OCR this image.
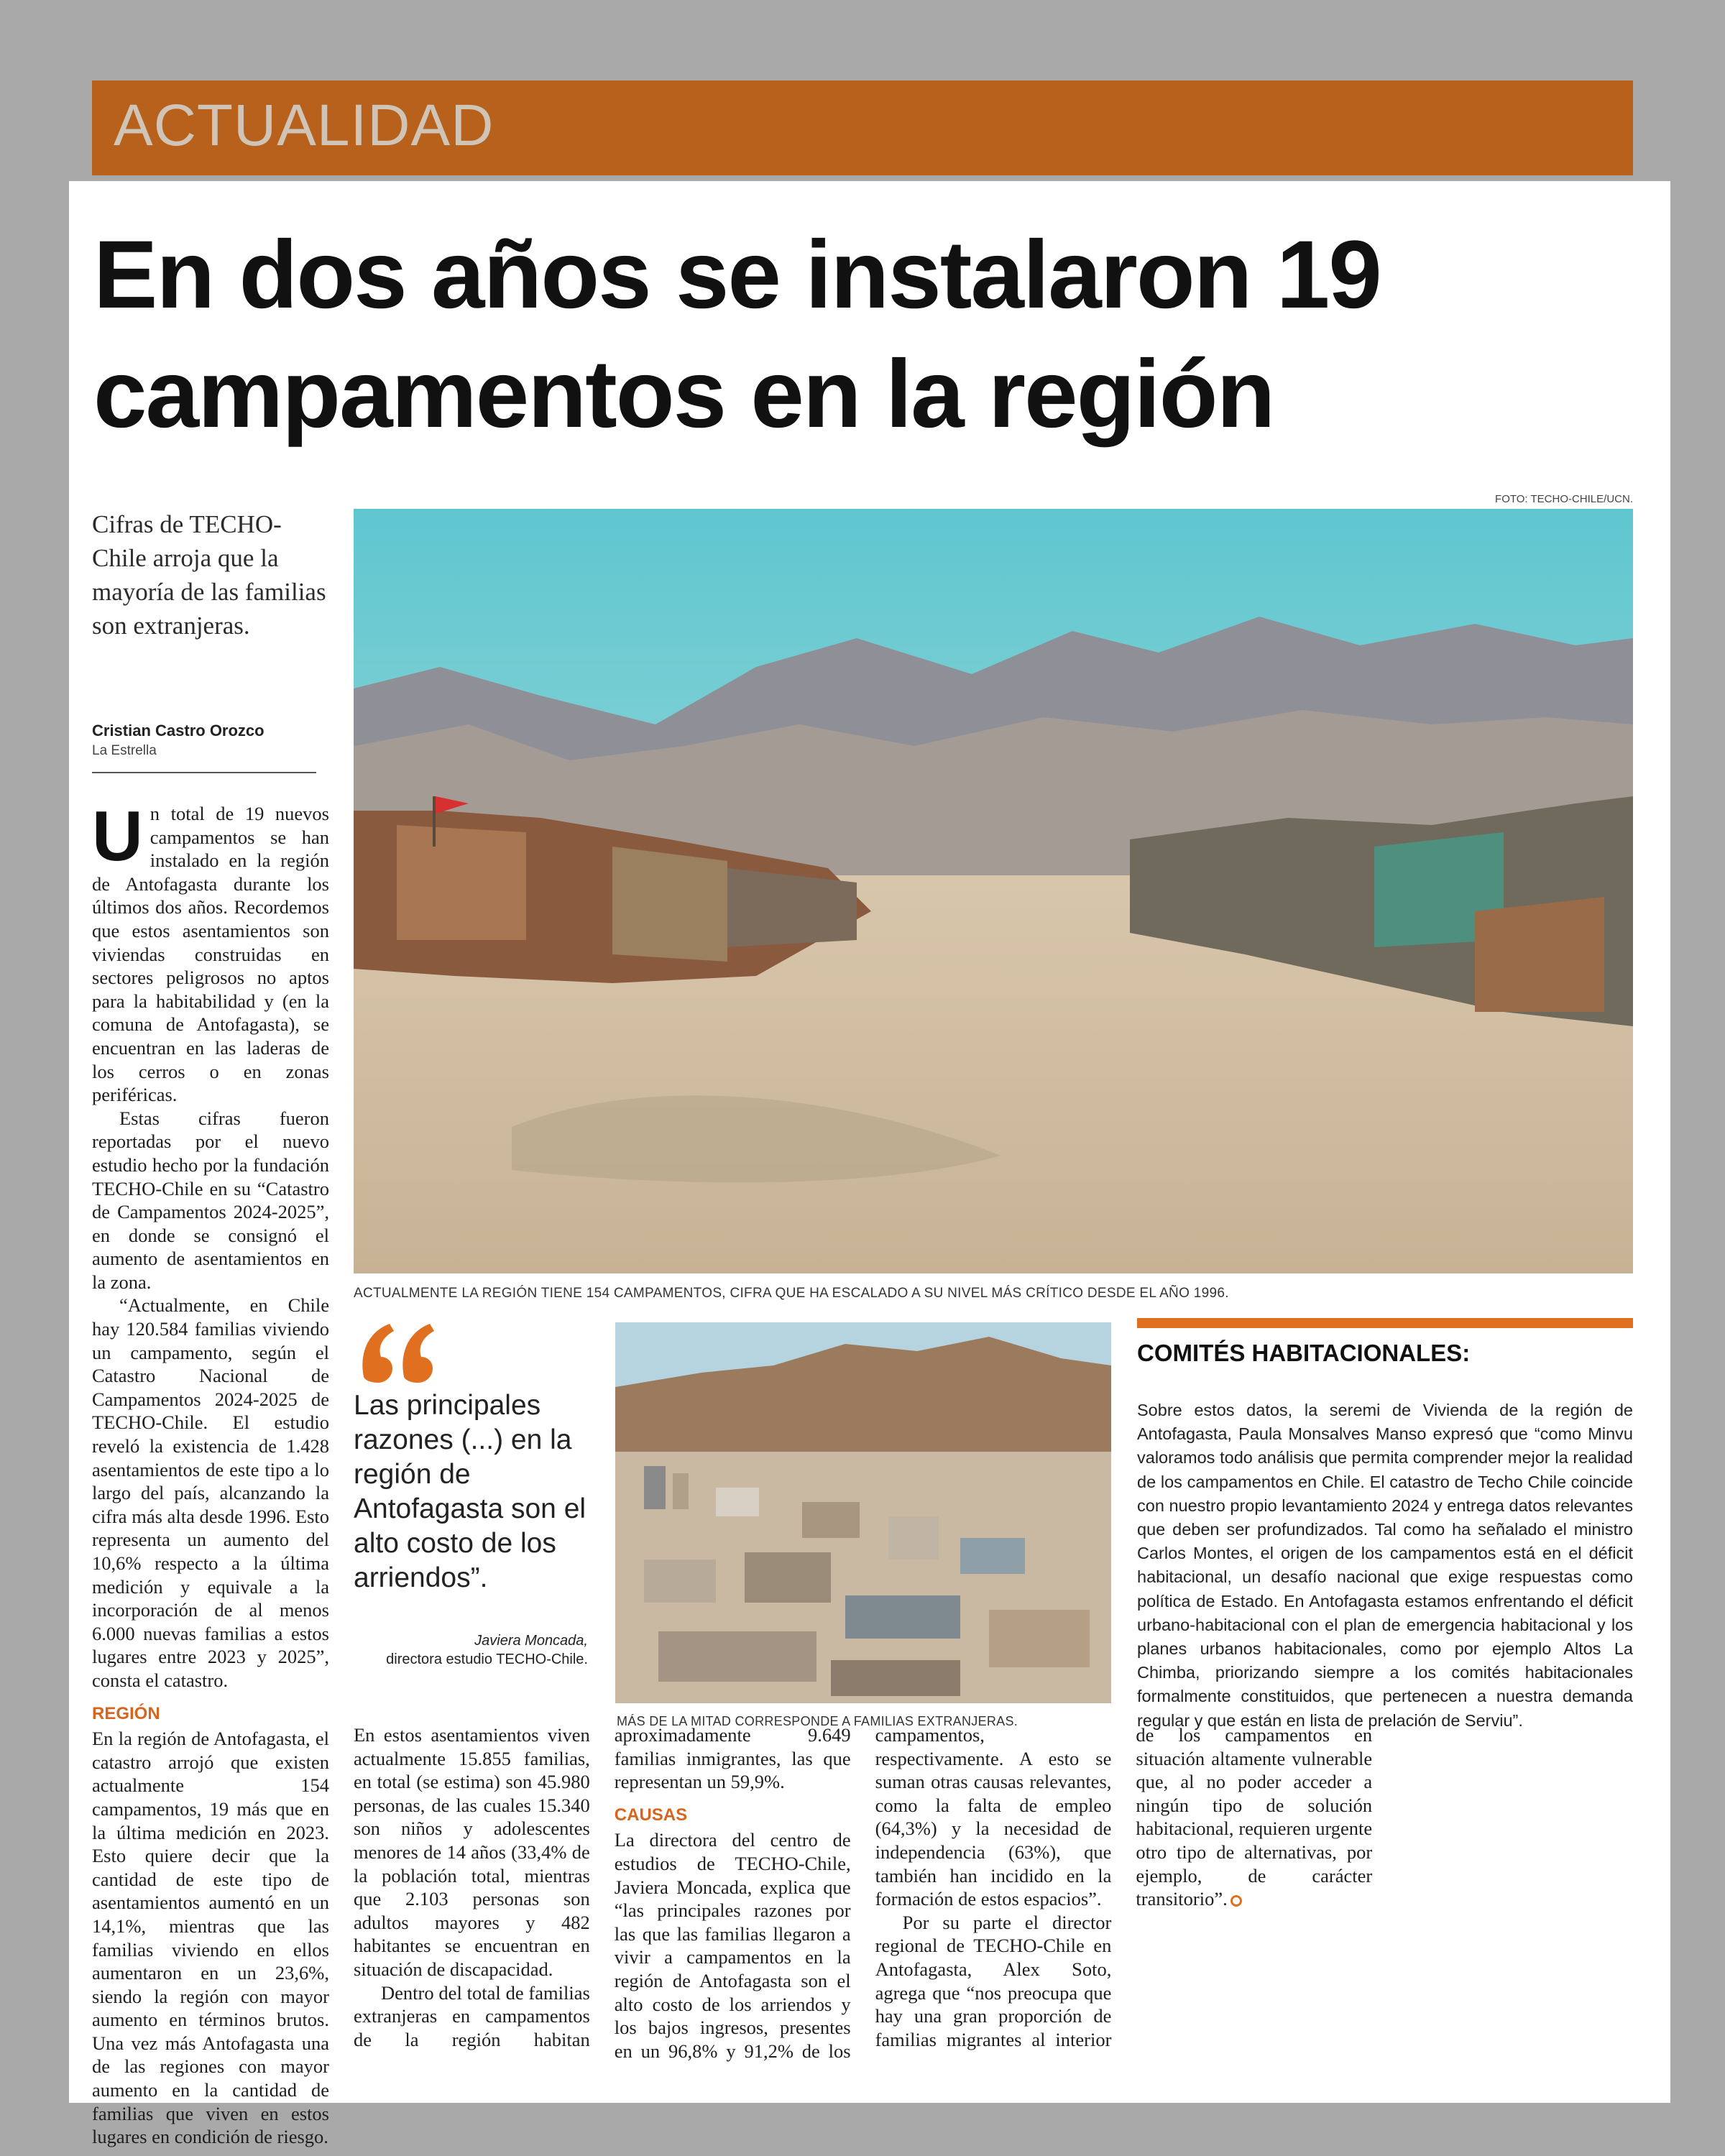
ACTUALIDAD
En dos años se instalaron 19 campamentos en la región
FOTO: TECHO-CHILE/UCN.
ACTUALMENTE LA REGIÓN TIENE 154 CAMPAMENTOS, CIFRA QUE HA ESCALADO A SU NIVEL MÁS CRÍTICO DESDE EL AÑO 1996.

Cifras de TECHO-Chile arroja que la mayoría de las familias son extranjeras.

Cristian Castro Orozco
La Estrella

Un total de 19 nuevos campamentos se han instalado en la región de Antofagasta durante los últimos dos años. Recordemos que estos asentamientos son viviendas construidas en sectores peligrosos no aptos para la habitabilidad y (en la comuna de Antofagasta), se encuentran en las laderas de los cerros o en zonas periféricas.

Estas cifras fueron reportadas por el nuevo estudio hecho por la fundación TECHO-Chile en su “Catastro de Campamentos 2024-2025”, en donde se consignó el aumento de asentamientos en la zona.

“Actualmente, en Chile hay 120.584 familias viviendo un campamento, según el Catastro Nacional de Campamentos 2024-2025 de TECHO-Chile. El estudio reveló la existencia de 1.428 asentamientos de este tipo a lo largo del país, alcanzando la cifra más alta desde 1996. Esto representa un aumento del 10,6% respecto a la última medición y equivale a la incorporación de al menos 6.000 nuevas familias a estos lugares entre 2023 y 2025”, consta el catastro.

REGIÓN

En la región de Antofagasta, el catastro arrojó que existen actualmente 154 campamentos, 19 más que en la última medición en 2023. Esto quiere decir que la cantidad de este tipo de asentamientos aumentó en un 14,1%, mientras que las familias viviendo en ellos aumentaron en un 23,6%, siendo la región con mayor aumento en términos brutos. Una vez más Antofagasta una de las regiones con mayor aumento en la cantidad de familias que viven en estos lugares en condición de riesgo.

Las principales razones (...) en la región de Antofagasta son el alto costo de los arriendos”.

Javiera Moncada,
directora estudio TECHO-Chile.
MÁS DE LA MITAD CORRESPONDE A FAMILIAS EXTRANJERAS.

En estos asentamientos viven actualmente 15.855 familias, en total (se estima) son 45.980 personas, de las cuales 15.340 son niños y adolescentes menores de 14 años (33,4% de la población total, mientras que 2.103 personas son adultos mayores y 482 habitantes se encuentran en situación de discapacidad.

Dentro del total de familias extranjeras en campamentos de la región habitan aproximadamente 9.649 familias inmigrantes, las que representan un 59,9%.

CAUSAS

La directora del centro de estudios de TECHO-Chile, Javiera Moncada, explica que “las principales razones por las que las familias llegaron a vivir a campamentos en la región de Antofagasta son el alto costo de los arriendos y los bajos ingresos, presentes en un 96,8% y 91,2% de los campamentos, respectivamente. A esto se suman otras causas relevantes, como la falta de empleo (64,3%) y la necesidad de independencia (63%), que también han incidido en la formación de estos espacios”.

Por su parte el director regional de TECHO-Chile en Antofagasta, Alex Soto, agrega que “nos preocupa que hay una gran proporción de familias migrantes al interior de los campamentos en situación altamente vulnerable que, al no poder acceder a ningún tipo de solución habitacional, requieren urgente otro tipo de alternativas, por ejemplo, de carácter transitorio”.

COMITÉS HABITACIONALES:

Sobre estos datos, la seremi de Vivienda de la región de Antofagasta, Paula Monsalves Manso expresó que “como Minvu valoramos todo análisis que permita comprender mejor la realidad de los campamentos en Chile. El catastro de Techo Chile coincide con nuestro propio levantamiento 2024 y entrega datos relevantes que deben ser profundizados. Tal como ha señalado el ministro Carlos Montes, el origen de los campamentos está en el déficit habitacional, un desafío nacional que exige respuestas como política de Estado. En Antofagasta estamos enfrentando el déficit urbano-habitacional con el plan de emergencia habitacional y los planes urbanos habitacionales, como por ejemplo Altos La Chimba, priorizando siempre a los comités habitacionales formalmente constituidos, que pertenecen a nuestra demanda regular y que están en lista de prelación de Serviu”.
